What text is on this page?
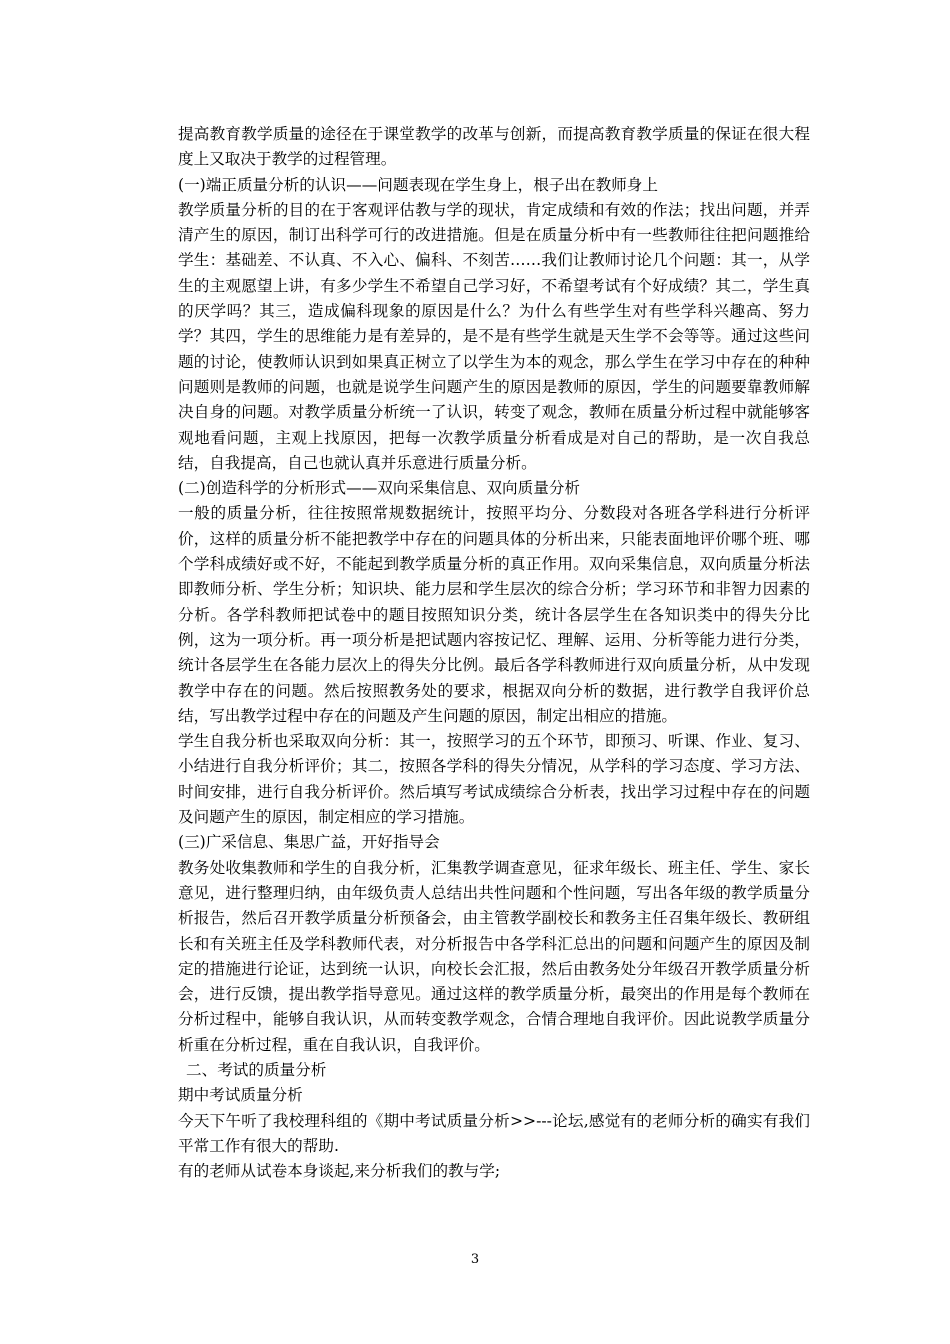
提高教育教学质量的途径在于课堂教学的改革与创新，而提高教育教学质量的保证在很大程度上又取决于教学的过程管理。

(一)端正质量分析的认识——问题表现在学生身上，根子出在教师身上

教学质量分析的目的在于客观评估教与学的现状，肯定成绩和有效的作法；找出问题，并弄清产生的原因，制订出科学可行的改进措施。但是在质量分析中有一些教师往往把问题推给学生：基础差、不认真、不入心、偏科、不刻苦……我们让教师讨论几个问题：其一，从学生的主观愿望上讲，有多少学生不希望自己学习好，不希望考试有个好成绩？其二，学生真的厌学吗？其三，造成偏科现象的原因是什么？为什么有些学生对有些学科兴趣高、努力学？其四，学生的思维能力是有差异的，是不是有些学生就是天生学不会等等。通过这些问题的讨论，使教师认识到如果真正树立了以学生为本的观念，那么学生在学习中存在的种种问题则是教师的问题，也就是说学生问题产生的原因是教师的原因，学生的问题要靠教师解决自身的问题。对教学质量分析统一了认识，转变了观念，教师在质量分析过程中就能够客观地看问题，主观上找原因，把每一次教学质量分析看成是对自己的帮助，是一次自我总结，自我提高，自己也就认真并乐意进行质量分析。

(二)创造科学的分析形式——双向采集信息、双向质量分析

一般的质量分析，往往按照常规数据统计，按照平均分、分数段对各班各学科进行分析评价，这样的质量分析不能把教学中存在的问题具体的分析出来，只能表面地评价哪个班、哪个学科成绩好或不好，不能起到教学质量分析的真正作用。双向采集信息，双向质量分析法即教师分析、学生分析；知识块、能力层和学生层次的综合分析；学习环节和非智力因素的分析。各学科教师把试卷中的题目按照知识分类，统计各层学生在各知识类中的得失分比例，这为一项分析。再一项分析是把试题内容按记忆、理解、运用、分析等能力进行分类，统计各层学生在各能力层次上的得失分比例。最后各学科教师进行双向质量分析，从中发现教学中存在的问题。然后按照教务处的要求，根据双向分析的数据，进行教学自我评价总结，写出教学过程中存在的问题及产生问题的原因，制定出相应的措施。

学生自我分析也采取双向分析：其一，按照学习的五个环节，即预习、听课、作业、复习、小结进行自我分析评价；其二，按照各学科的得失分情况，从学科的学习态度、学习方法、时间安排，进行自我分析评价。然后填写考试成绩综合分析表，找出学习过程中存在的问题及问题产生的原因，制定相应的学习措施。

(三)广采信息、集思广益，开好指导会

教务处收集教师和学生的自我分析，汇集教学调查意见，征求年级长、班主任、学生、家长意见，进行整理归纳，由年级负责人总结出共性问题和个性问题，写出各年级的教学质量分析报告，然后召开教学质量分析预备会，由主管教学副校长和教务主任召集年级长、教研组长和有关班主任及学科教师代表，对分析报告中各学科汇总出的问题和问题产生的原因及制定的措施进行论证，达到统一认识，向校长会汇报，然后由教务处分年级召开教学质量分析会，进行反馈，提出教学指导意见。通过这样的教学质量分析，最突出的作用是每个教师在分析过程中，能够自我认识，从而转变教学观念，合情合理地自我评价。因此说教学质量分析重在分析过程，重在自我认识，自我评价。

二、考试的质量分析

期中考试质量分析

今天下午听了我校理科组的《期中考试质量分析>>---论坛,感觉有的老师分析的确实有我们平常工作有很大的帮助.

有的老师从试卷本身谈起,来分析我们的教与学;

3
